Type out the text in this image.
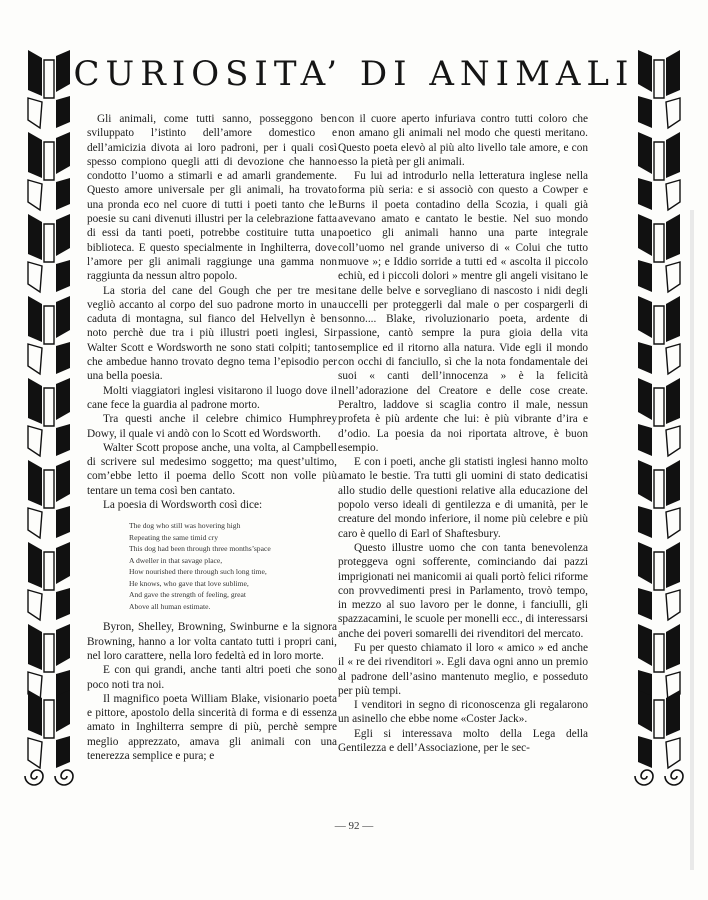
CURIOSITA’ DI ANIMALI

Gli animali, come tutti sanno, posseggono ben sviluppato l’istinto dell’amore domestico e dell’amicizia divota ai loro padroni, per i quali così spesso compiono quegli atti di devozione che hanno condotto l’uomo a stimarli e ad amarli grandemente. Questo amore universale per gli animali, ha trovato una pronda eco nel cuore di tutti i poeti tanto che le poesie su cani divenuti illustri per la celebrazione fatta di essi da tanti poeti, potrebbe costituire tutta una biblioteca. E questo specialmente in Inghilterra, dove l’amore per gli animali raggiunge una gamma non raggiunta da nessun altro popolo.

La storia del cane del Gough che per tre mesi vegliò accanto al corpo del suo padrone morto in una caduta di montagna, sul fianco del Helvellyn è ben noto perchè due tra i più illustri poeti inglesi, Sir Walter Scott e Wordsworth ne sono stati colpiti; tanto che ambedue hanno trovato degno tema l’episodio per una bella poesia.

Molti viaggiatori inglesi visitarono il luogo dove il cane fece la guardia al padrone morto.

Tra questi anche il celebre chimico Humphrey Dowy, il quale vi andò con lo Scott ed Wordsworth.

Walter Scott propose anche, una volta, al Campbell di scrivere sul medesimo soggetto; ma quest’ultimo, com’ebbe letto il poema dello Scott non volle più tentare un tema così ben cantato.

La poesia di Wordsworth così dice:

The dog who still was hovering high
Repeating the same timid cry
This dog had been through three months’space
A dweller in that savage place,
How nourished there through such long time,
He knows, who gave that love sublime,
And gave the strength of feeling, great
Above all human estimate.

Byron, Shelley, Browning, Swinburne e la signora Browning, hanno a lor volta cantato tutti i propri cani, nel loro carattere, nella loro fedeltà ed in loro morte.

E con qui grandi, anche tanti altri poeti che sono poco noti tra noi.

Il magnifico poeta William Blake, visionario poeta e pittore, apostolo della sincerità di forma e di essenza amato in Inghilterra sempre di più, perchè sempre meglio apprezzato, amava gli animali con una tenerezza semplice e pura; e

con il cuore aperto infuriava contro tutti coloro che non amano gli animali nel modo che questi meritano. Questo poeta elevò al più alto livello tale amore, e con esso la pietà per gli animali.

Fu lui ad introdurlo nella letteratura inglese nella forma più seria: e si associò con questo a Cowper e Burns il poeta contadino della Scozia, i quali già avevano amato e cantato le bestie. Nel suo mondo poetico gli animali hanno una parte integrale coll’uomo nel grande universo di « Colui che tutto muove »; e Iddio sorride a tutti ed « ascolta il piccolo echiù, ed i piccoli dolori » mentre gli angeli visitano le tane delle belve e sorvegliano di nascosto i nidi degli uccelli per proteggerli dal male o per cospargerli di sonno.... Blake, rivoluzionario poeta, ardente di passione, cantò sempre la pura gioia della vita semplice ed il ritorno alla natura. Vide egli il mondo con occhi di fanciullo, sì che la nota fondamentale dei suoi « canti dell’innocenza » è la felicità nell’adorazione del Creatore e delle cose create. Peraltro, laddove si scaglia contro il male, nessun profeta è più ardente che lui: è più vibrante d’ira e d’odio. La poesia da noi riportata altrove, è buon esempio.

E con i poeti, anche gli statisti inglesi hanno molto amato le bestie. Tra tutti gli uomini di stato dedicatisi allo studio delle questioni relative alla educazione del popolo verso ideali di gentilezza e di umanità, per le creature del mondo inferiore, il nome più celebre e più caro è quello di Earl of Shaftesbury.

Questo illustre uomo che con tanta benevolenza proteggeva ogni sofferente, cominciando dai pazzi imprigionati nei manicomii ai quali portò felici riforme con provvedimenti presi in Parlamento, trovò tempo, in mezzo al suo lavoro per le donne, i fanciulli, gli spazzacamini, le scuole per monelli ecc., di interessarsi anche dei poveri somarelli dei rivenditori del mercato.

Fu per questo chiamato il loro « amico » ed anche il « re dei rivenditori ». Egli dava ogni anno un premio al padrone dell’asino mantenuto meglio, e posseduto per più tempi.

I venditori in segno di riconoscenza gli regalarono un asinello che ebbe nome «Coster Jack».

Egli si interessava molto della Lega della Gentilezza e dell’Associazione, per le sec-

— 92 —
